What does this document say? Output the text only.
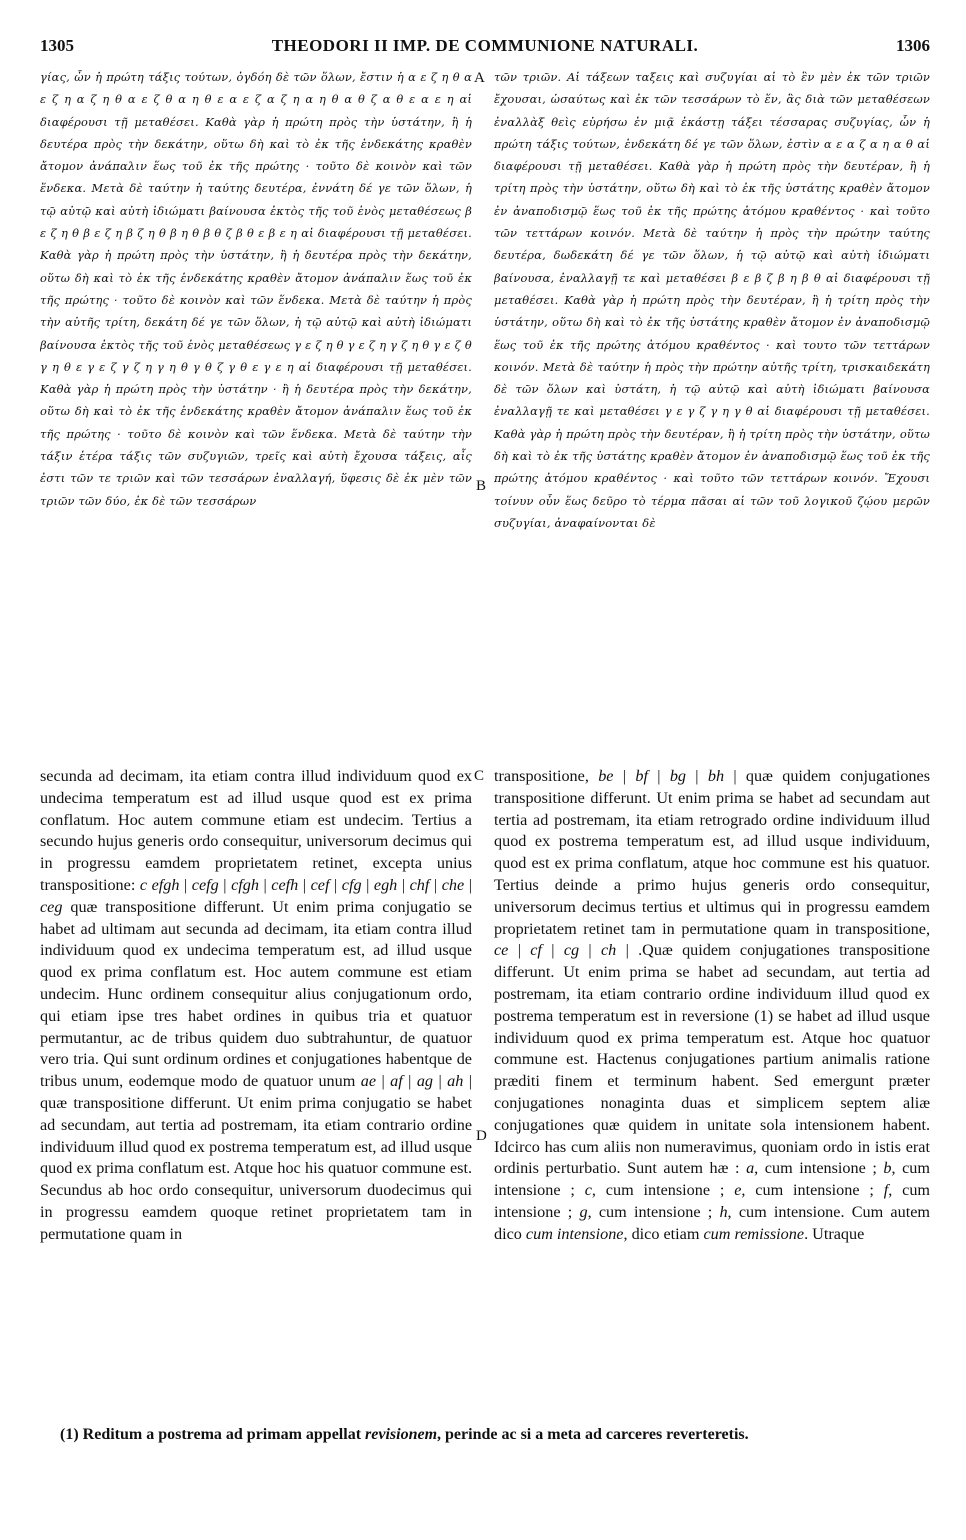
1305	THEODORI II IMP. DE COMMUNIONE NATURALI.	1306

γίας, ὧν ἡ πρώτη τάξις τούτων, ὀγδόη δὲ τῶν ὅλων, ἔστιν ἡ α ε ζ η θ α ε ζ η α ζ η θ α ε ζ θ α η θ ε α ε ζ α ζ η α η θ α θ ζ α θ ε α ε η αἱ διαφέρουσι τῇ μεταθέσει. Καθὰ γὰρ ἡ πρώτη πρὸς τὴν ὑστάτην, ἢ ἡ δευτέρα πρὸς τὴν δεκάτην, οὕτω δὴ καὶ τὸ ἐκ τῆς ἑνδεκάτης κραθὲν ἄτομον ἀνάπαλιν ἕως τοῦ ἐκ τῆς πρώτης · τοῦτο δὲ κοινὸν καὶ τῶν ἕνδεκα. Μετὰ δὲ ταύτην ἡ ταύτης δευτέρα, ἐννάτη δέ γε τῶν ὅλων, ἡ τῷ αὐτῷ καὶ αὐτὴ ἰδιώματι βαίνουσα ἐκτὸς τῆς τοῦ ἑνὸς μεταθέσεως β ε ζ η θ β ε ζ η β ζ η θ β η θ β θ ζ β θ ε β ε η αἱ διαφέρουσι τῇ μεταθέσει. Καθὰ γὰρ ἡ πρώτη πρὸς τὴν ὑστάτην, ἢ ἡ δευτέρα πρὸς τὴν δεκάτην, οὕτω δὴ καὶ τὸ ἐκ τῆς ἑνδεκάτης κραθὲν ἄτομον ἀνάπαλιν ἕως τοῦ ἐκ τῆς πρώτης · τοῦτο δὲ κοινὸν καὶ τῶν ἕνδεκα. Μετὰ δὲ ταύτην ἡ πρὸς τὴν αὐτῆς τρίτη, δεκάτη δέ γε τῶν ὅλων, ἡ τῷ αὐτῷ καὶ αὐτὴ ἰδιώματι βαίνουσα ἐκτὸς τῆς τοῦ ἑνὸς μεταθέσεως γ ε ζ η θ γ ε ζ η γ ζ η θ γ ε ζ θ γ η θ ε γ ε ζ γ ζ η γ η θ γ θ ζ γ θ ε γ ε η αἱ διαφέρουσι τῇ μεταθέσει. Καθὰ γὰρ ἡ πρώτη πρὸς τὴν ὑστάτην · ἢ ἡ δευτέρα πρὸς τὴν δεκάτην, οὕτω δὴ καὶ τὸ ἐκ τῆς ἑνδεκάτης κραθὲν ἄτομον ἀνάπαλιν ἕως τοῦ ἐκ τῆς πρώτης · τοῦτο δὲ κοινὸν καὶ τῶν ἕνδεκα. Μετὰ δὲ ταύτην τὴν τάξιν ἑτέρα τάξις τῶν συζυγιῶν, τρεῖς καὶ αὐτὴ ἔχουσα τάξεις, αἷς ἐστι τῶν τε τριῶν καὶ τῶν τεσσάρων ἐναλλαγή, ὕφεσις δὲ ἐκ μὲν τῶν τριῶν τῶν δύο, ἐκ δὲ τῶν τεσσάρων

τῶν τριῶν. Αἱ τάξεων ταξεις καὶ συζυγίαι αἱ τὸ ἓν μὲν ἐκ τῶν τριῶν ἔχουσαι, ὡσαύτως καὶ ἐκ τῶν τεσσάρων τὸ ἕν, ἃς διὰ τῶν μεταθέσεων ἐναλλὰξ θεὶς εὑρήσω ἐν μιᾷ ἑκάστῃ τάξει τέσσαρας συζυγίας, ὧν ἡ πρώτη τάξις τούτων, ἑνδεκάτη δέ γε τῶν ὅλων, ἐστὶν α ε α ζ α η α θ αἱ διαφέρουσι τῇ μεταθέσει. Καθὰ γὰρ ἡ πρώτη πρὸς τὴν δευτέραν, ἢ ἡ τρίτη πρὸς τὴν ὑστάτην, οὕτω δὴ καὶ τὸ ἐκ τῆς ὑστάτης κραθὲν ἄτομον ἐν ἀναποδισμῷ ἕως τοῦ ἐκ τῆς πρώτης ἀτόμου κραθέντος · καὶ τοῦτο τῶν τεττάρων κοινόν. Μετὰ δὲ ταύτην ἡ πρὸς τὴν πρώτην ταύτης δευτέρα, δωδεκάτη δέ γε τῶν ὅλων, ἡ τῷ αὐτῷ καὶ αὐτὴ ἰδιώματι βαίνουσα, ἐναλλαγῇ τε καὶ μεταθέσει β ε β ζ β η β θ αἱ διαφέρουσι τῇ μεταθέσει. Καθὰ γὰρ ἡ πρώτη πρὸς τὴν δευτέραν, ἢ ἡ τρίτη πρὸς τὴν ὑστάτην, οὕτω δὴ καὶ τὸ ἐκ τῆς ὑστάτης κραθὲν ἄτομον ἐν ἀναποδισμῷ ἕως τοῦ ἐκ τῆς πρώτης ἀτόμου κραθέντος · καὶ τουτο τῶν τεττάρων κοινόν. Μετὰ δὲ ταύτην ἡ πρὸς τὴν πρώτην αὐτῆς τρίτη, τρισκαιδεκάτη δὲ τῶν ὅλων καὶ ὑστάτη, ἡ τῷ αὐτῷ καὶ αὐτὴ ἰδιώματι βαίνουσα ἐναλλαγῇ τε καὶ μεταθέσει γ ε γ ζ γ η γ θ αἱ διαφέρουσι τῇ μεταθέσει. Καθὰ γὰρ ἡ πρώτη πρὸς τὴν δευτέραν, ἢ ἡ τρίτη πρὸς τὴν ὑστάτην, οὕτω δὴ καὶ τὸ ἐκ τῆς ὑστάτης κραθὲν ἄτομον ἐν ἀναποδισμῷ ἕως τοῦ ἐκ τῆς πρώτης ἀτόμου κραθέντος · καὶ τοῦτο τῶν τεττάρων κοινόν. Ἔχουσι τοίνυν οὖν ἕως δεῦρο τὸ τέρμα πᾶσαι αἱ τῶν τοῦ λογικοῦ ζῴου μερῶν συζυγίαι, ἀναφαίνονται δὲ

secunda ad decimam, ita etiam contra illud individuum quod ex undecima temperatum est ad illud usque quod est ex prima conflatum. Hoc autem commune etiam est undecim. Tertius a secundo hujus generis ordo consequitur, universorum decimus qui in progressu eamdem proprietatem retinet, excepta unius transpositione: c efgh | cefg | cfgh | cefh | cef | cfg | egh | chf | che | ceg quæ transpositione differunt. Ut enim prima conjugatio se habet ad ultimam aut secunda ad decimam, ita etiam contra illud individuum quod ex undecima temperatum est, ad illud usque quod ex prima conflatum est. Hoc autem commune est etiam undecim. Hunc ordinem consequitur alius conjugationum ordo, qui etiam ipse tres habet ordines in quibus tria et quatuor permutantur, ac de tribus quidem duo subtrahuntur, de quatuor vero tria. Qui sunt ordinum ordines et conjugationes habentque de tribus unum, eodemque modo de quatuor unum ae | af | ag | ah | quæ transpositione differunt. Ut enim prima conjugatio se habet ad secundam, aut tertia ad postremam, ita etiam contrario ordine individuum illud quod ex postrema temperatum est, ad illud usque quod ex prima conflatum est. Atque hoc his quatuor commune est. Secundus ab hoc ordo consequitur, universorum duodecimus qui in progressu eamdem quoque retinet proprietatem tam in permutatione quam in

transpositione, be | bf | bg | bh | quæ quidem conjugationes transpositione differunt. Ut enim prima se habet ad secundam aut tertia ad postremam, ita etiam retrogrado ordine individuum illud quod ex postrema temperatum est, ad illud usque individuum, quod est ex prima conflatum, atque hoc commune est his quatuor. Tertius deinde a primo hujus generis ordo consequitur, universorum decimus tertius et ultimus qui in progressu eamdem proprietatem retinet tam in permutatione quam in transpositione, ce | cf | cg | ch | .Quæ quidem conjugationes transpositione differunt. Ut enim prima se habet ad secundam, aut tertia ad postremam, ita etiam contrario ordine individuum illud quod ex postrema temperatum est in reversione (1) se habet ad illud usque individuum quod ex prima temperatum est. Atque hoc quatuor commune est. Hactenus conjugationes partium animalis ratione præditi finem et terminum habent. Sed emergunt præter conjugationes nonaginta duas et simplicem septem aliæ conjugationes quæ quidem in unitate sola intensionem habent. Idcirco has cum aliis non numeravimus, quoniam ordo in istis erat ordinis perturbatio. Sunt autem hæ : a, cum intensione ; b, cum intensione ; c, cum intensione ; e, cum intensione ; f, cum intensione ; g, cum intensione ; h, cum intensione. Cum autem dico cum intensione, dico etiam cum remissione. Utraque

A
B
C
D
(1) Reditum a postrema ad primam appellat revisionem, perinde ac si a meta ad carceres reverteretis.
